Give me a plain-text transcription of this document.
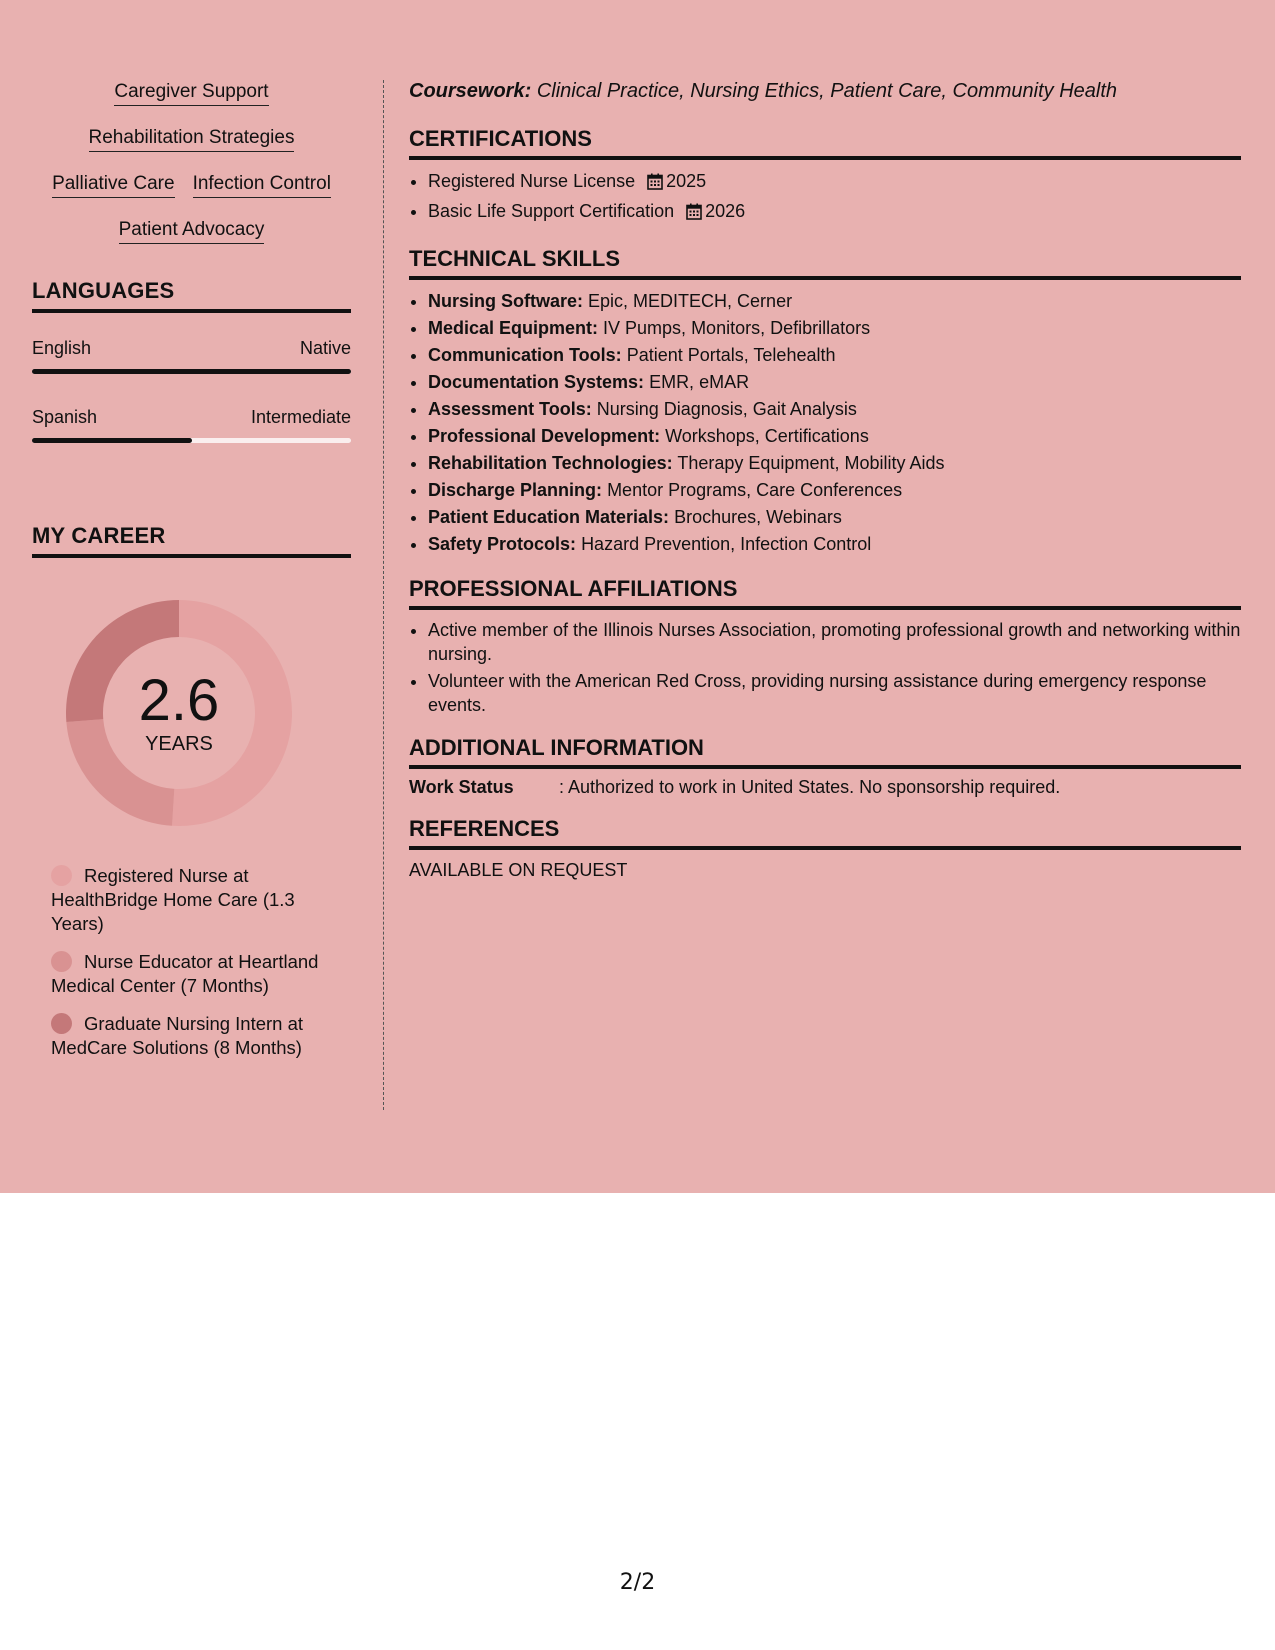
Caregiver Support
Rehabilitation Strategies
Palliative Care Infection Control
Patient Advocacy
LANGUAGES
English	Native
Spanish	Intermediate
MY CAREER
2.6
YEARS
Registered Nurse at HealthBridge Home Care (1.3 Years)
Nurse Educator at Heartland Medical Center (7 Months)
Graduate Nursing Intern at MedCare Solutions (8 Months)
Coursework: Clinical Practice, Nursing Ethics, Patient Care, Community Health
CERTIFICATIONS
• Registered Nurse License 2025
• Basic Life Support Certification 2026
TECHNICAL SKILLS
• Nursing Software: Epic, MEDITECH, Cerner
• Medical Equipment: IV Pumps, Monitors, Defibrillators
• Communication Tools: Patient Portals, Telehealth
• Documentation Systems: EMR, eMAR
• Assessment Tools: Nursing Diagnosis, Gait Analysis
• Professional Development: Workshops, Certifications
• Rehabilitation Technologies: Therapy Equipment, Mobility Aids
• Discharge Planning: Mentor Programs, Care Conferences
• Patient Education Materials: Brochures, Webinars
• Safety Protocols: Hazard Prevention, Infection Control
PROFESSIONAL AFFILIATIONS
• Active member of the Illinois Nurses Association, promoting professional growth and networking within nursing.
• Volunteer with the American Red Cross, providing nursing assistance during emergency response events.
ADDITIONAL INFORMATION
Work Status	: Authorized to work in United States. No sponsorship required.
REFERENCES
AVAILABLE ON REQUEST
2/2
